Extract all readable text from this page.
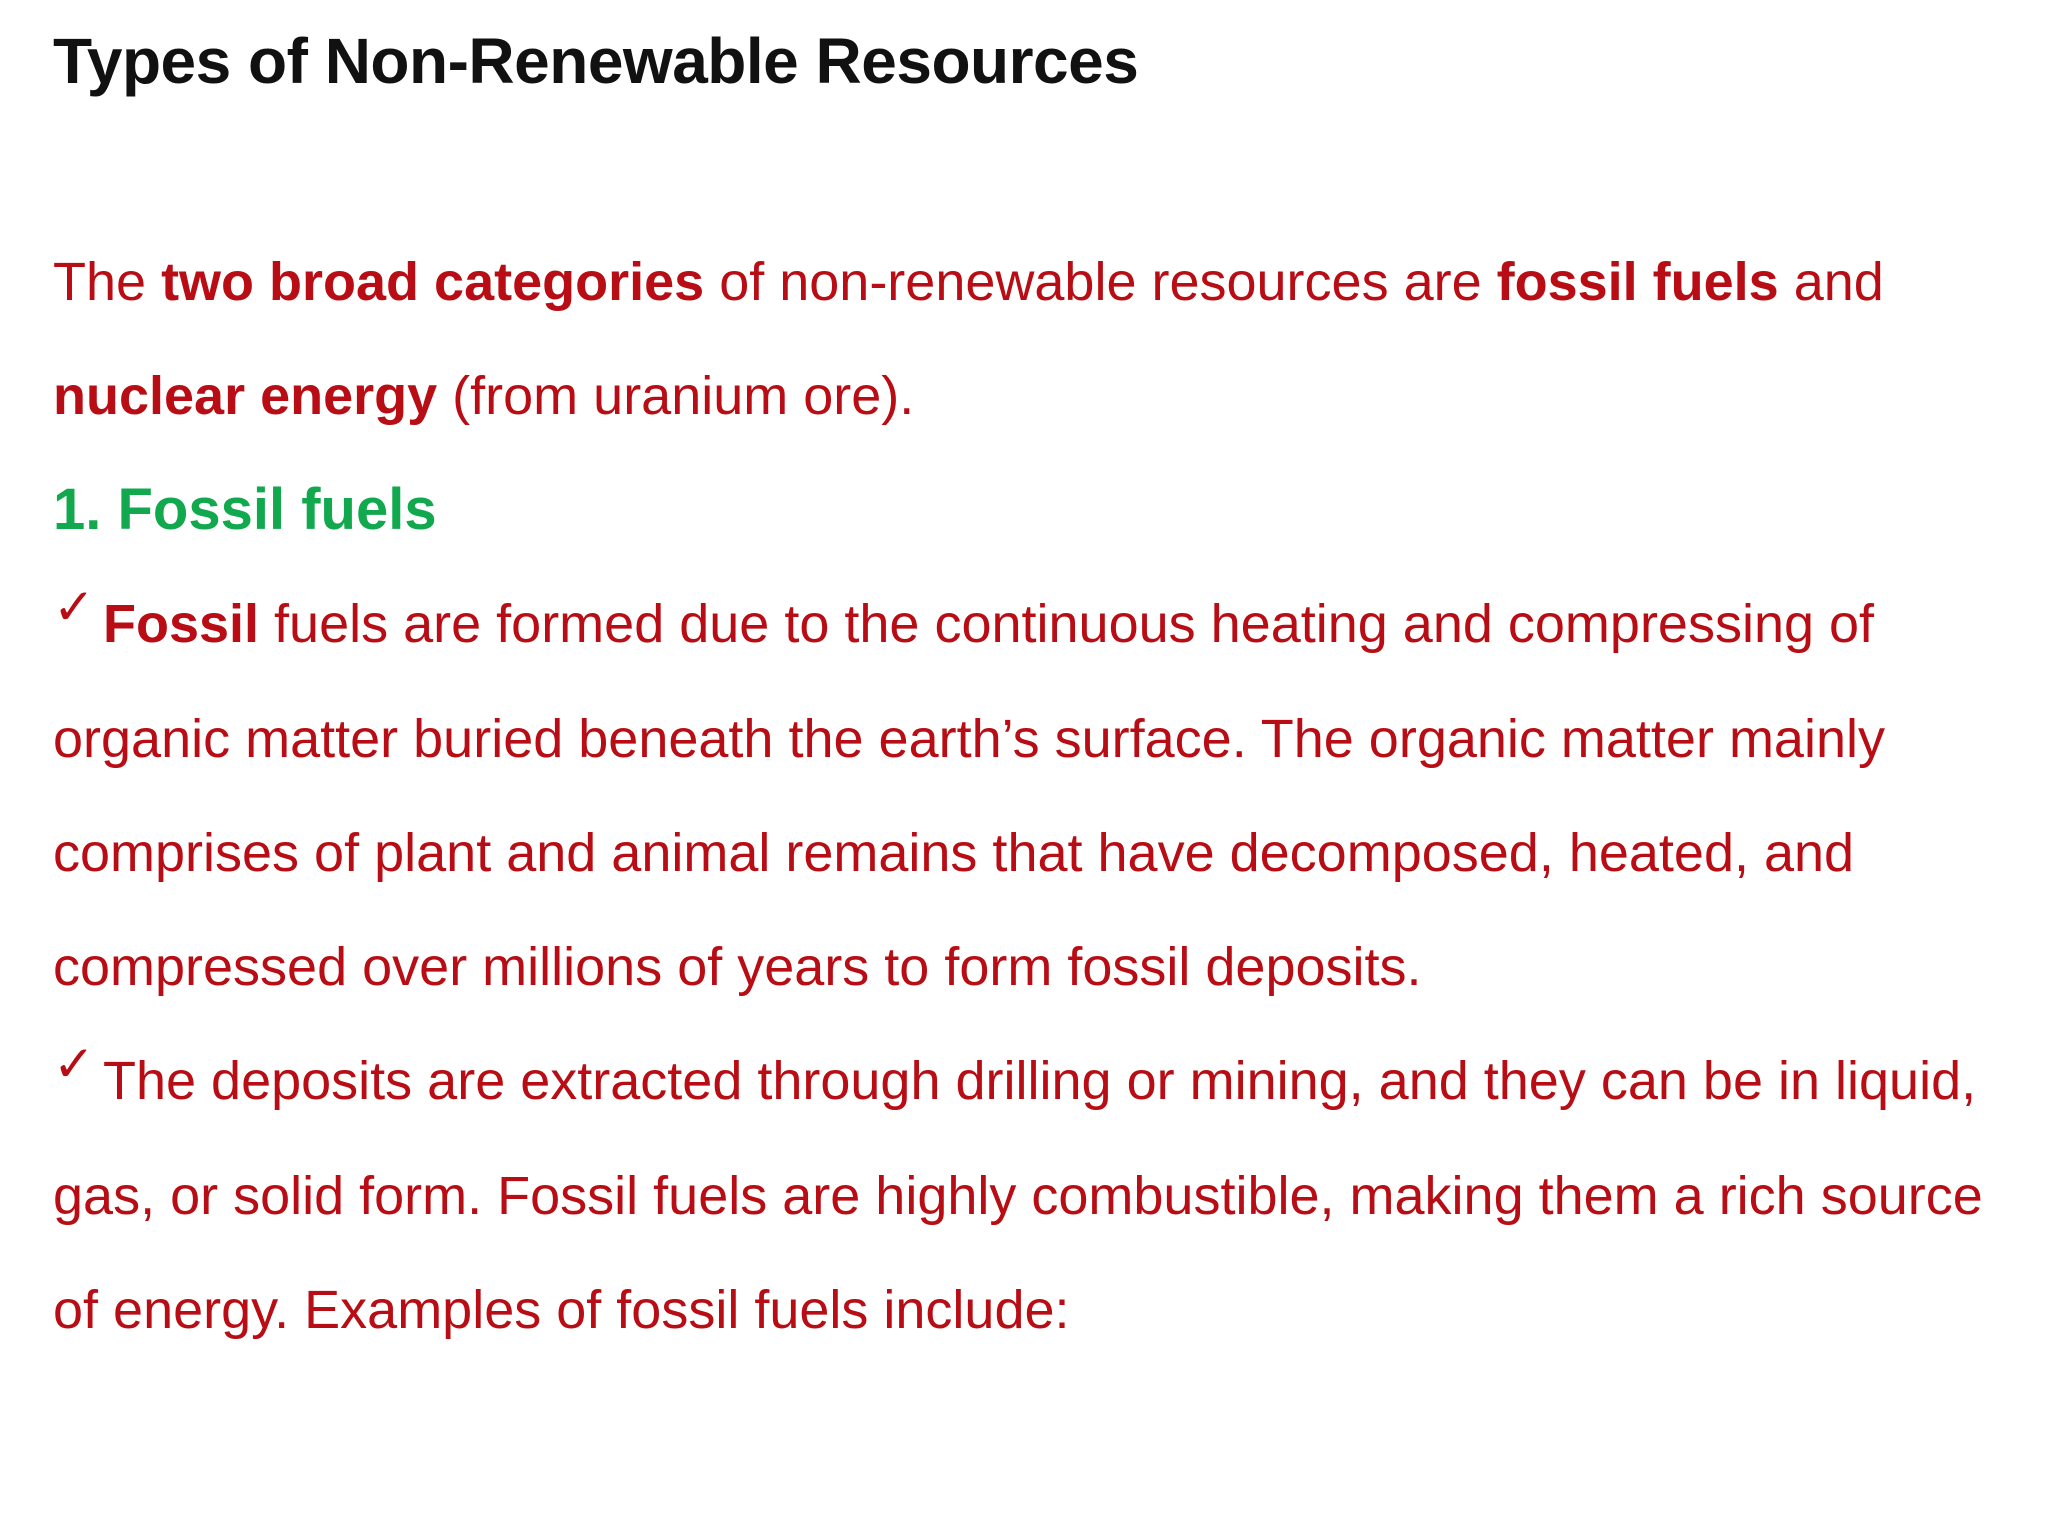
Types of Non-Renewable Resources

The two broad categories of non-renewable resources are fossil fuels and nuclear energy (from uranium ore).

1. Fossil fuels

✓ Fossil fuels are formed due to the continuous heating and compressing of organic matter buried beneath the earth’s surface. The organic matter mainly comprises of plant and animal remains that have decomposed, heated, and compressed over millions of years to form fossil deposits.

✓ The deposits are extracted through drilling or mining, and they can be in liquid, gas, or solid form. Fossil fuels are highly combustible, making them a rich source of energy. Examples of fossil fuels include:
